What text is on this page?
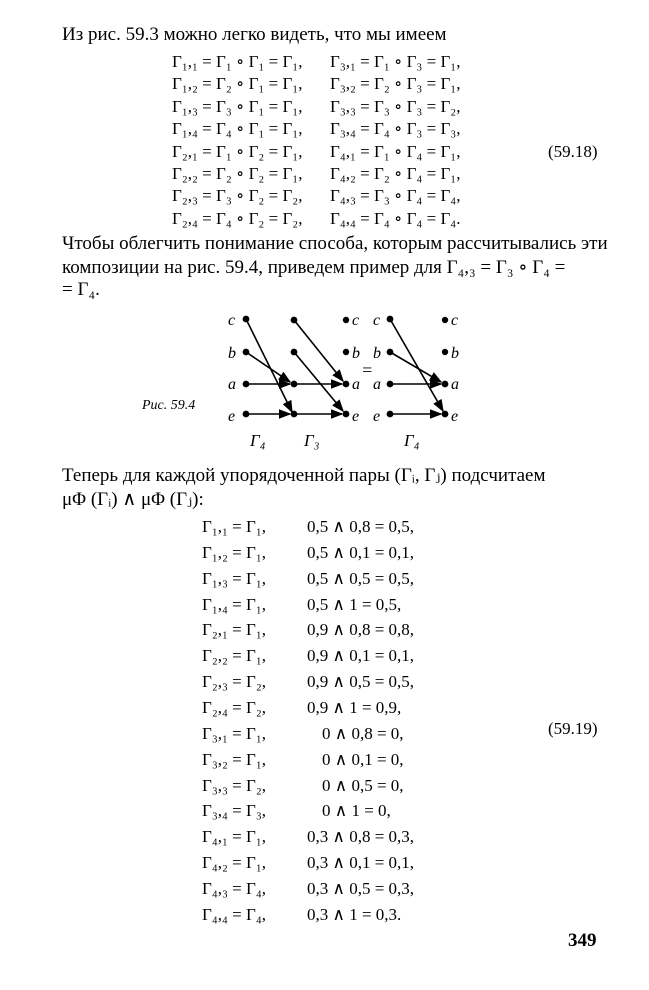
Из рис. 59.3 можно легко видеть, что мы имеем
Γ₁,₁ = Γ₁ ∘ Γ₁ = Γ₁, Γ₃,₁ = Γ₁ ∘ Γ₃ = Γ₁,
Γ₁,₂ = Γ₂ ∘ Γ₁ = Γ₁, Γ₃,₂ = Γ₂ ∘ Γ₃ = Γ₁,
Γ₁,₃ = Γ₃ ∘ Γ₁ = Γ₁, Γ₃,₃ = Γ₃ ∘ Γ₃ = Γ₂,
Γ₁,₄ = Γ₄ ∘ Γ₁ = Γ₁, Γ₃,₄ = Γ₄ ∘ Γ₃ = Γ₃,
Γ₂,₁ = Γ₁ ∘ Γ₂ = Γ₁, Γ₄,₁ = Γ₁ ∘ Γ₄ = Γ₁,
Γ₂,₂ = Γ₂ ∘ Γ₂ = Γ₁, Γ₄,₂ = Γ₂ ∘ Γ₄ = Γ₁,
Γ₂,₃ = Γ₃ ∘ Γ₂ = Γ₂, Γ₄,₃ = Γ₃ ∘ Γ₄ = Γ₄,
Γ₂,₄ = Γ₄ ∘ Γ₂ = Γ₂, Γ₄,₄ = Γ₄ ∘ Γ₄ = Γ₄.
(59.18)
Чтобы облегчить понимание способа, которым рассчитывались эти
композиции на рис. 59.4, приведем пример для Γ₄,₃ = Γ₃ ∘ Γ₄ =
= Γ₄.
Рис. 59.4
c
b
a
e
c
b
a
e
=
c
b
a
e
c
b
a
e
Γ₄ Γ₃	Γ₄
Теперь для каждой упорядоченной пары (Γᵢ, Γⱼ) подсчитаем
μΦ (Γᵢ) ∧ μΦ (Γⱼ):
Γ₁,₁ = Γ₁, 0,5 ∧ 0,8 = 0,5,
Γ₁,₂ = Γ₁, 0,5 ∧ 0,1 = 0,1,
Γ₁,₃ = Γ₁, 0,5 ∧ 0,5 = 0,5,
Γ₁,₄ = Γ₁, 0,5 ∧ 1 = 0,5,
Γ₂,₁ = Γ₁, 0,9 ∧ 0,8 = 0,8,
Γ₂,₂ = Γ₁, 0,9 ∧ 0,1 = 0,1,
Γ₂,₃ = Γ₂, 0,9 ∧ 0,5 = 0,5,
Γ₂,₄ = Γ₂, 0,9 ∧ 1 = 0,9,
Γ₃,₁ = Γ₁,	0 ∧ 0,8 = 0,
Γ₃,₂ = Γ₁,	0 ∧ 0,1 = 0,
Γ₃,₃ = Γ₂,	0 ∧ 0,5 = 0,
Γ₃,₄ = Γ₃,	0 ∧ 1 = 0,
Γ₄,₁ = Γ₁, 0,3 ∧ 0,8 = 0,3,
Γ₄,₂ = Γ₁, 0,3 ∧ 0,1 = 0,1,
Γ₄,₃ = Γ₄, 0,3 ∧ 0,5 = 0,3,
Γ₄,₄ = Γ₄, 0,3 ∧ 1 = 0,3.
(59.19)
349
